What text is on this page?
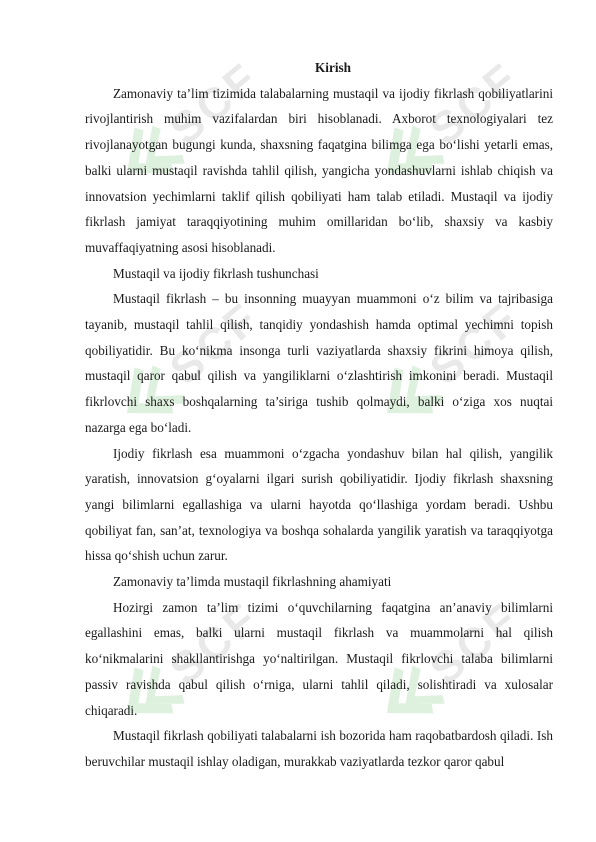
SCF	SCF
SCF	SCF
SCF	SCF
Kirish

Zamonaviy ta’lim tizimida talabalarning mustaqil va ijodiy fikrlash qobiliyatlarini rivojlantirish muhim vazifalardan biri hisoblanadi. Axborot texnologiyalari tez rivojlanayotgan bugungi kunda, shaxsning faqatgina bilimga ega bo‘lishi yetarli emas, balki ularni mustaqil ravishda tahlil qilish, yangicha yondashuvlarni ishlab chiqish va innovatsion yechimlarni taklif qilish qobiliyati ham talab etiladi. Mustaqil va ijodiy fikrlash jamiyat taraqqiyotining muhim omillaridan bo‘lib, shaxsiy va kasbiy muvaffaqiyatning asosi hisoblanadi.

Mustaqil va ijodiy fikrlash tushunchasi

Mustaqil fikrlash – bu insonning muayyan muammoni o‘z bilim va tajribasiga tayanib, mustaqil tahlil qilish, tanqidiy yondashish hamda optimal yechimni topish qobiliyatidir. Bu ko‘nikma insonga turli vaziyatlarda shaxsiy fikrini himoya qilish, mustaqil qaror qabul qilish va yangiliklarni o‘zlashtirish imkonini beradi. Mustaqil fikrlovchi shaxs boshqalarning ta’siriga tushib qolmaydi, balki o‘ziga xos nuqtai nazarga ega bo‘ladi.

Ijodiy fikrlash esa muammoni o‘zgacha yondashuv bilan hal qilish, yangilik yaratish, innovatsion g‘oyalarni ilgari surish qobiliyatidir. Ijodiy fikrlash shaxsning yangi bilimlarni egallashiga va ularni hayotda qo‘llashiga yordam beradi. Ushbu qobiliyat fan, san’at, texnologiya va boshqa sohalarda yangilik yaratish va taraqqiyotga hissa qo‘shish uchun zarur.

Zamonaviy ta’limda mustaqil fikrlashning ahamiyati

Hozirgi zamon ta’lim tizimi o‘quvchilarning faqatgina an’anaviy bilimlarni egallashini emas, balki ularni mustaqil fikrlash va muammolarni hal qilish ko‘nikmalarini shakllantirishga yo‘naltirilgan. Mustaqil fikrlovchi talaba bilimlarni passiv ravishda qabul qilish o‘rniga, ularni tahlil qiladi, solishtiradi va xulosalar chiqaradi.

Mustaqil fikrlash qobiliyati talabalarni ish bozorida ham raqobatbardosh qiladi. Ish beruvchilar mustaqil ishlay oladigan, murakkab vaziyatlarda tezkor qaror qabul
